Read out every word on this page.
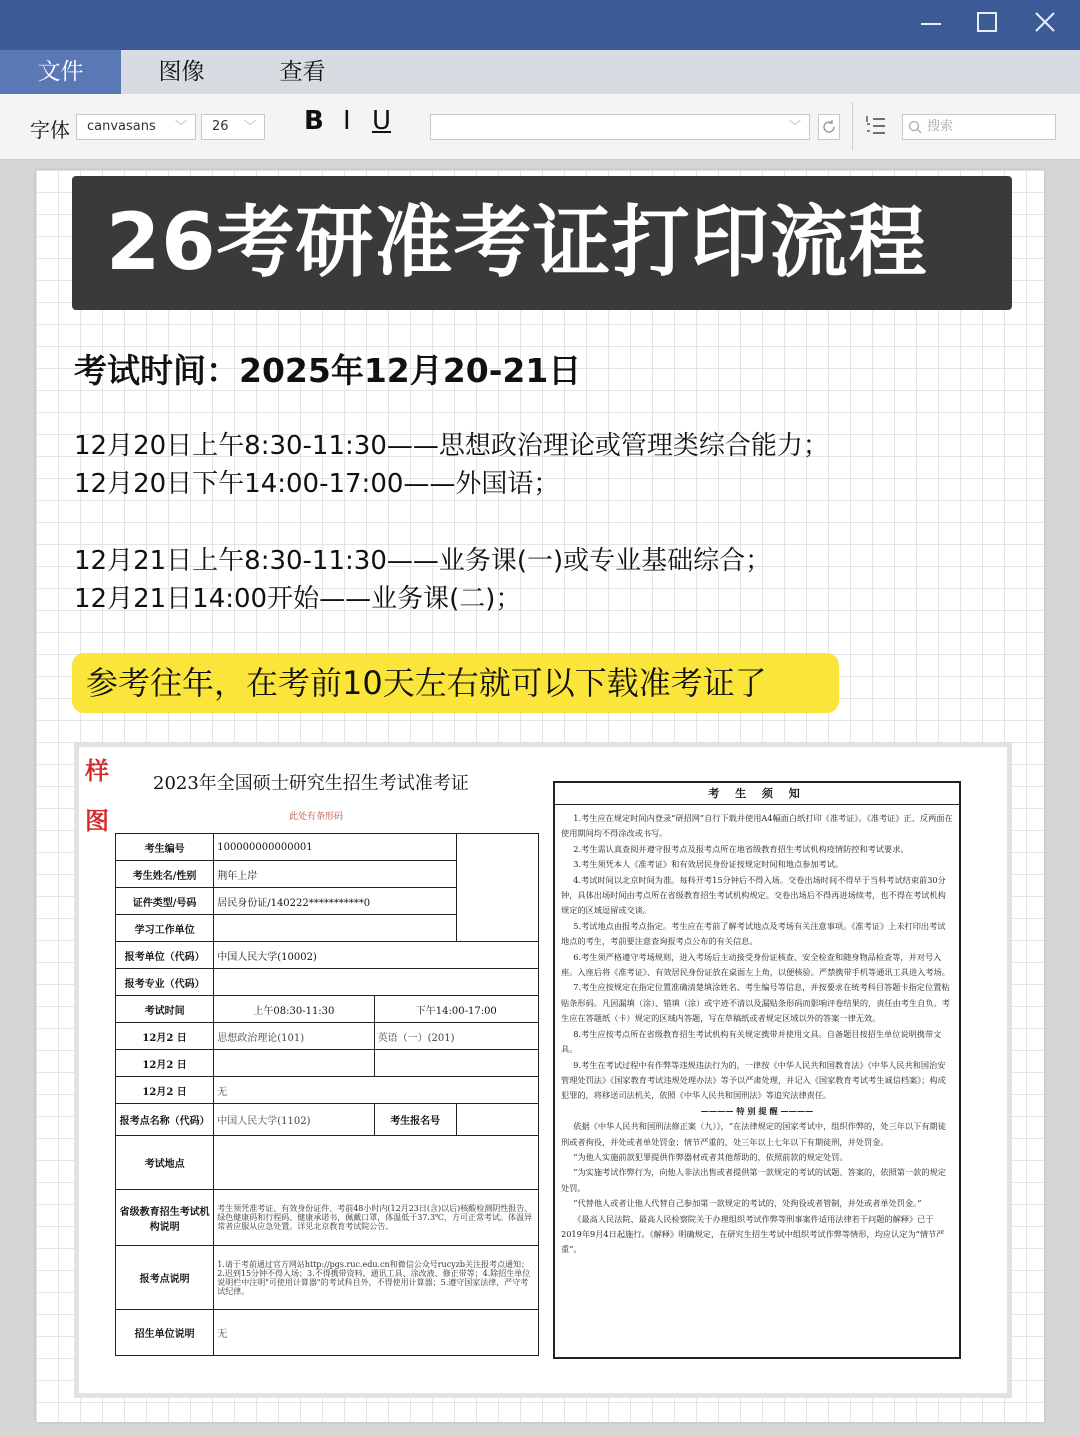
文件	图像	查看
字体	canvasans ﹀	26 ﹀ B I U	﹀	搜索
26考研准考证打印流程
考试时间：2025年12月20-21日
12月20日上午8:30-11:30——思想政治理论或管理类综合能力；
12月20日下午14:00-17:00——外国语；
12月21日上午8:30-11:30——业务课(一)或专业基础综合；
12月21日14:00开始——业务课(二)；
参考往年，在考前10天左右就可以下载准考证了
样
图
2023年全国硕士研究生招生考试准考证
此处有条形码
考生编号	100000000000001		
考生姓名/性别	荆年上岸		
证件类型/号码	居民身份证/140222***********0		
学习工作单位			
报考单位（代码）	中国人民大学(10002)		
报考专业（代码）			
考试时间	上午08:30-11:30	下午14:00-17:00	
12月2 日	思想政治理论(101)	英语（一）(201)	
12月2 日			
12月2 日	无		
报考点名称（代码）	中国人民大学(1102)	考生报名号	
考试地点			
省级教育招生考试机构说明	考生须凭准考证、有效身份证件、考前48小时内(12月23日(含)以后)核酸检测阴性报告、绿色健康码和行程码、健康承诺书，佩戴口罩，体温低于37.3℃，方可正常考试。体温异常者应服从应急处置。详见北京教育考试院公告。		
报考点说明	1.请于考前通过官方网站http://pgs.ruc.edu.cn和微信公众号rucyzb关注报考点通知；2.迟到15分钟不得入场；3.不得携带资料、通讯工具、涂改液、修正带等；4.除招生单位说明栏中注明"可使用计算器"的考试科目外，不得使用计算器；5.遵守国家法律，严守考试纪律。		
招生单位说明	无		
考 生 须 知
1.考生应在规定时间内登录“研招网”自行下载并使用A4幅面白纸打印《准考证》。《准考证》正、反两面在使用期间均不得涂改或书写。
2.考生需认真查阅并遵守报考点及报考点所在地省级教育招生考试机构疫情防控和考试要求。
3.考生须凭本人《准考证》和有效居民身份证按规定时间和地点参加考试。
4.考试时间以北京时间为准。每科开考15分钟后不得入场。交卷出场时间不得早于当科考试结束前30分钟，具体出场时间由考点所在省级教育招生考试机构规定。交卷出场后不得再进场续考，也不得在考试机构规定的区域逗留或交谈。
5.考试地点由报考点指定。考生应在考前了解考试地点及考场有关注意事项。《准考证》上未打印出考试地点的考生，考前要注意查询报考点公布的有关信息。
6.考生须严格遵守考场规则，进入考场后主动接受身份证核查、安全检查和随身物品检查等，并对号入座。入座后将《准考证》、有效居民身份证放在桌面左上角，以便核验。严禁携带手机等通讯工具进入考场。
7.考生应按规定在指定位置准确清楚填涂姓名、考生编号等信息，并按要求在统考科目答题卡指定位置粘贴条形码。凡因漏填（涂）、错填（涂）或字迹不清以及漏贴条形码而影响评卷结果的，责任由考生自负。考生应在答题纸（卡）规定的区域内答题，写在草稿纸或者规定区域以外的答案一律无效。
8.考生应按考点所在省级教育招生考试机构有关规定携带并使用文具。自备题目按招生单位说明携带文具。
9.考生在考试过程中有作弊等违规违法行为的，一律按《中华人民共和国教育法》《中华人民共和国治安管理处罚法》《国家教育考试违规处理办法》等予以严肃处理，并记入《国家教育考试考生诚信档案》；构成犯罪的，将移送司法机关，依照《中华人民共和国刑法》等追究法律责任。
———— 特 别 提 醒 ————
依据《中华人民共和国刑法修正案（九）》，“在法律规定的国家考试中，组织作弊的，处三年以下有期徒刑或者拘役，并处或者单处罚金；情节严重的，处三年以上七年以下有期徒刑，并处罚金。
“为他人实施前款犯罪提供作弊器材或者其他帮助的，依照前款的规定处罚。
“为实施考试作弊行为，向他人非法出售或者提供第一款规定的考试的试题、答案的，依照第一款的规定处罚。
“代替他人或者让他人代替自己参加第一款规定的考试的，处拘役或者管制，并处或者单处罚金。”
《最高人民法院、最高人民检察院关于办理组织考试作弊等刑事案件适用法律若干问题的解释》已于2019年9月4日起施行。《解释》明确规定，在研究生招生考试中组织考试作弊等情形，均应认定为“情节严重”。
